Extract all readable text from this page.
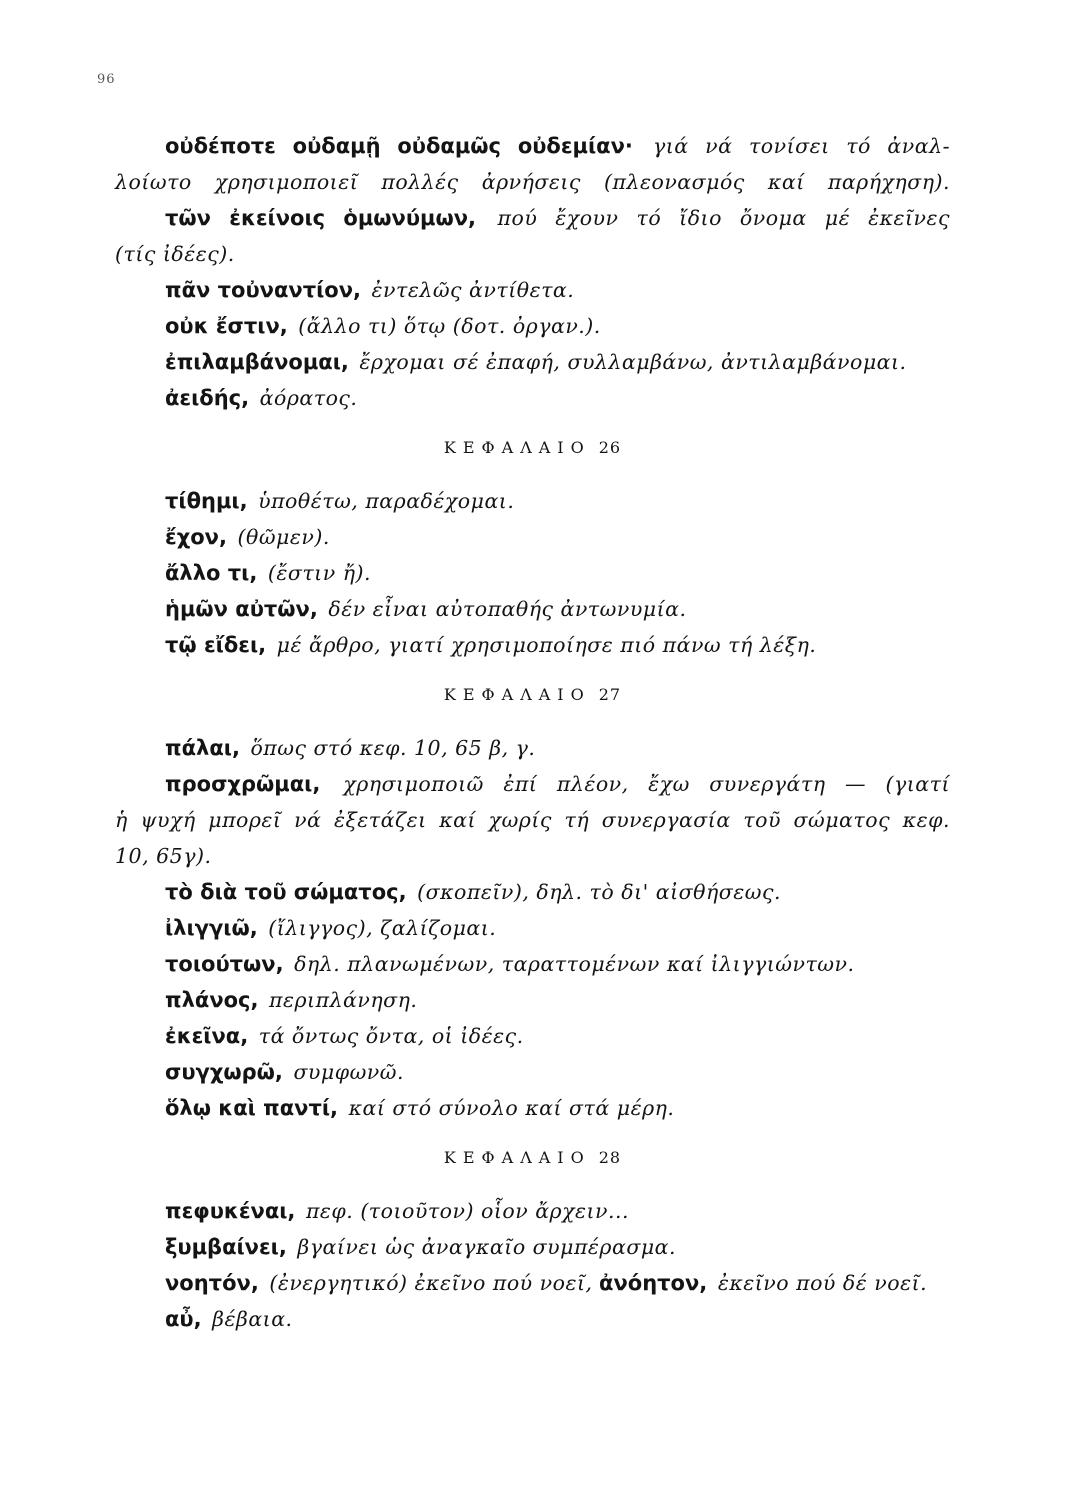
96
οὐδέποτε οὐδαμῇ οὐδαμῶς οὐδεμίαν· γιά νά τονίσει τό ἀναλ-
λοίωτο χρησιμοποιεῖ πολλές ἀρνήσεις (πλεονασμός καί παρήχηση).
τῶν ἐκείνοις ὁμωνύμων, πού ἔχουν τό ἴδιο ὄνομα μέ ἐκεῖνες
(τίς ἰδέες).
πᾶν τοὐναντίον, ἐντελῶς ἀντίθετα.
οὐκ ἔστιν, (ἄλλο τι) ὅτῳ (δοτ. ὀργαν.).
ἐπιλαμβάνομαι, ἔρχομαι σέ ἐπαφή, συλλαμβάνω, ἀντιλαμβάνομαι.
ἀειδής, ἀόρατος.
ΚΕΦΑΛΑΙΟ 26
τίθημι, ὑποθέτω, παραδέχομαι.
ἔχον, (θῶμεν).
ἄλλο τι, (ἔστιν ἤ).
ἡμῶν αὐτῶν, δέν εἶναι αὐτοπαθής ἀντωνυμία.
τῷ εἴδει, μέ ἄρθρο, γιατί χρησιμοποίησε πιό πάνω τή λέξη.
ΚΕΦΑΛΑΙΟ 27
πάλαι, ὅπως στό κεφ. 10, 65 β, γ.
προσχρῶμαι, χρησιμοποιῶ ἐπί πλέον, ἔχω συνεργάτη — (γιατί
ἡ ψυχή μπορεῖ νά ἐξετάζει καί χωρίς τή συνεργασία τοῦ σώματος κεφ.
10, 65γ).
τὸ διὰ τοῦ σώματος, (σκοπεῖν), δηλ. τὸ δι' αἰσθήσεως.
ἰλιγγιῶ, (ἴλιγγος), ζαλίζομαι.
τοιούτων, δηλ. πλανωμένων, ταραττομένων καί ἰλιγγιώντων.
πλάνος, περιπλάνηση.
ἐκεῖνα, τά ὄντως ὄντα, οἱ ἰδέες.
συγχωρῶ, συμφωνῶ.
ὅλῳ καὶ παντί, καί στό σύνολο καί στά μέρη.
ΚΕΦΑΛΑΙΟ 28
πεφυκέναι, πεφ. (τοιοῦτον) οἷον ἄρχειν...
ξυμβαίνει, βγαίνει ὡς ἀναγκαῖο συμπέρασμα.
νοητόν, (ἐνεργητικό) ἐκεῖνο πού νοεῖ, ἀνόητον, ἐκεῖνο πού δέ νοεῖ.
αὖ, βέβαια.
